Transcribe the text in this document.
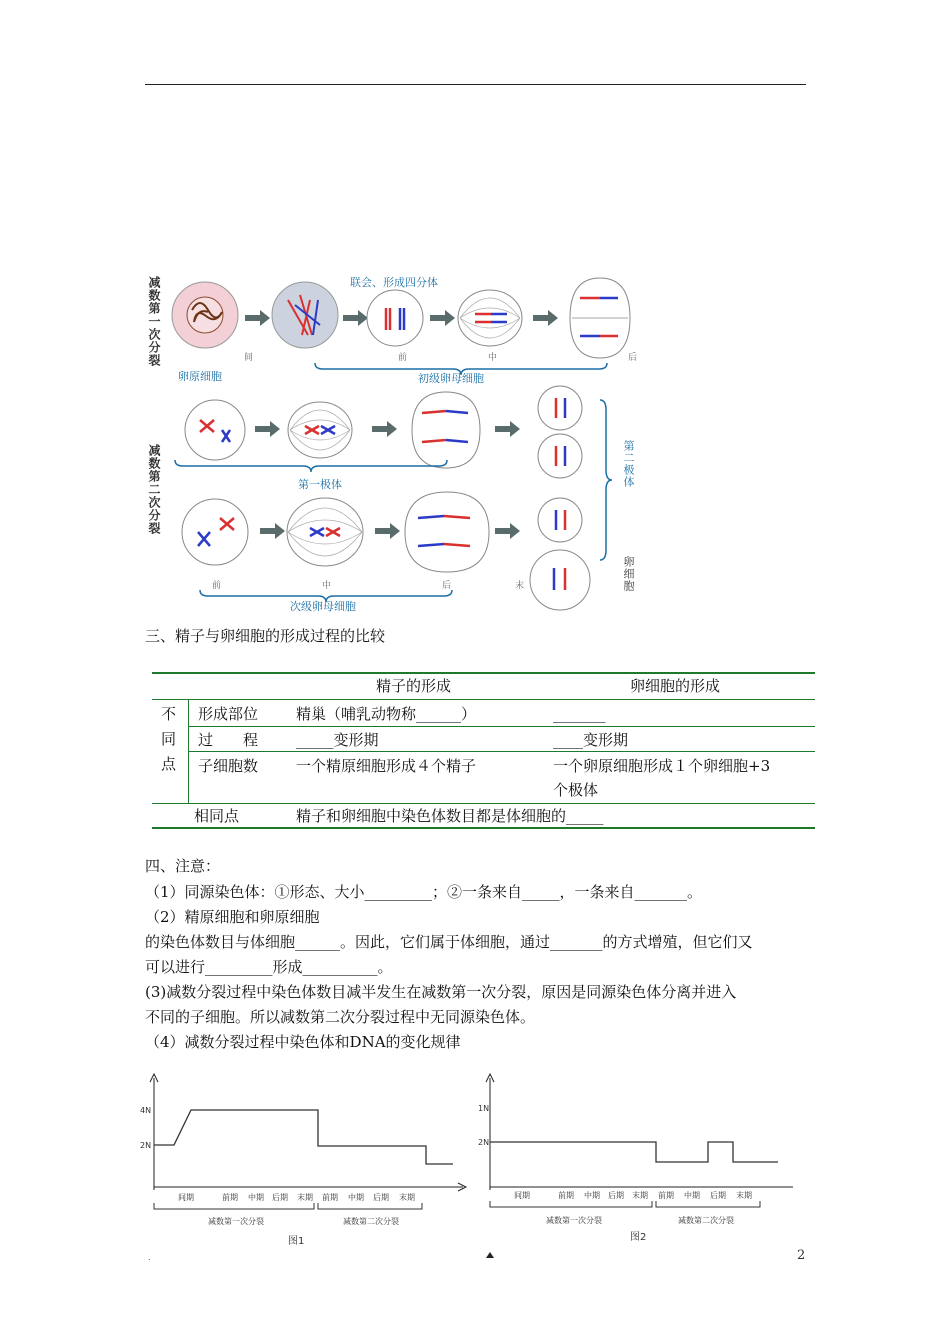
减数第一次分裂
减数第二次分裂	第二极体
卵细胞
联会、形成四分体
间	前	中	后
卵原细胞	初级卵母细胞
第一极体
前	中	后	末
次级卵母细胞
三、精子与卵细胞的形成过程的比较
精子的形成	卵细胞的形成
不
同
点
形成部位	精巢（哺乳动物称______）	_______
过　　程	_____变形期	____变形期
子细胞数	一个精原细胞形成４个精子	一个卵原细胞形成１个卵细胞+3
个极体
相同点	精子和卵细胞中染色体数目都是体细胞的_____
四、注意：
（1）同源染色体：①形态、大小_________；②一条来自_____，一条来自_______。
（2）精原细胞和卵原细胞
的染色体数目与体细胞______。因此，它们属于体细胞，通过_______的方式增殖，但它们又
可以进行_________形成__________。
(3)减数分裂过程中染色体数目减半发生在减数第一次分裂，原因是同源染色体分离并进入
不同的子细胞。所以减数第二次分裂过程中无同源染色体。
（4）减数分裂过程中染色体和DNA的变化规律
4N
2N
间期	前期 中期 后期 末期 前期 中期 后期 末期
减数第一次分裂	减数第二次分裂
图1
.
1N
2N
间期	前期 中期 后期 末期 前期 中期 后期 末期
减数第一次分裂	减数第二次分裂
图2
2
